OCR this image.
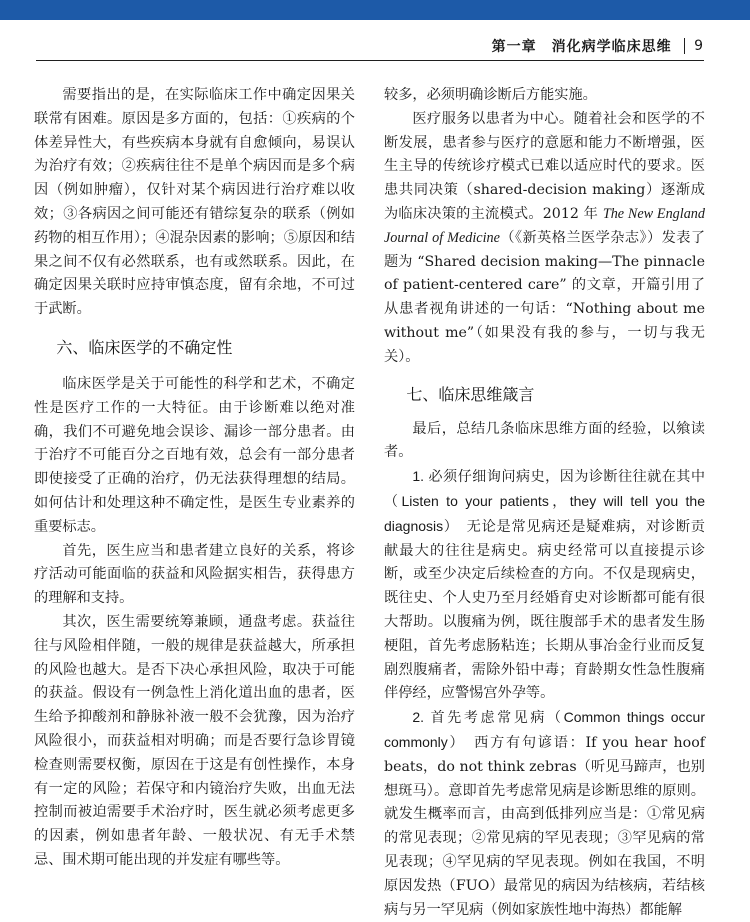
第一章　消化病学临床思维 9

需要指出的是，在实际临床工作中确定因果关联常有困难。原因是多方面的，包括：①疾病的个体差异性大，有些疾病本身就有自愈倾向，易误认为治疗有效；②疾病往往不是单个病因而是多个病因（例如肿瘤），仅针对某个病因进行治疗难以收效；③各病因之间可能还有错综复杂的联系（例如药物的相互作用）；④混杂因素的影响；⑤原因和结果之间不仅有必然联系，也有或然联系。因此，在确定因果关联时应持审慎态度，留有余地，不可过于武断。

六、临床医学的不确定性

临床医学是关于可能性的科学和艺术，不确定性是医疗工作的一大特征。由于诊断难以绝对准确，我们不可避免地会误诊、漏诊一部分患者。由于治疗不可能百分之百地有效，总会有一部分患者即使接受了正确的治疗，仍无法获得理想的结局。如何估计和处理这种不确定性，是医生专业素养的重要标志。

首先，医生应当和患者建立良好的关系，将诊疗活动可能面临的获益和风险据实相告，获得患方的理解和支持。

其次，医生需要统筹兼顾，通盘考虑。获益往往与风险相伴随，一般的规律是获益越大，所承担的风险也越大。是否下决心承担风险，取决于可能的获益。假设有一例急性上消化道出血的患者，医生给予抑酸剂和静脉补液一般不会犹豫，因为治疗风险很小，而获益相对明确；而是否要行急诊胃镜检查则需要权衡，原因在于这是有创性操作，本身有一定的风险；若保守和内镜治疗失败，出血无法控制而被迫需要手术治疗时，医生就必须考虑更多的因素，例如患者年龄、一般状况、有无手术禁忌、围术期可能出现的并发症有哪些等。

较多，必须明确诊断后方能实施。

医疗服务以患者为中心。随着社会和医学的不断发展，患者参与医疗的意愿和能力不断增强，医生主导的传统诊疗模式已难以适应时代的要求。医患共同决策（shared-decision making）逐渐成为临床决策的主流模式。2012 年 The New England Journal of Medicine（《新英格兰医学杂志》）发表了题为 “Shared decision making—The pinnacle of patient-centered care” 的文章，开篇引用了从患者视角讲述的一句话：“Nothing about me without me”（如果没有我的参与，一切与我无关）。

七、临床思维箴言

最后，总结几条临床思维方面的经验，以飨读者。

1. 必须仔细询问病史，因为诊断往往就在其中（Listen to your patients，they will tell you the diagnosis）　 无论是常见病还是疑难病，对诊断贡献最大的往往是病史。病史经常可以直接提示诊断，或至少决定后续检查的方向。不仅是现病史，既往史、个人史乃至月经婚育史对诊断都可能有很大帮助。以腹痛为例，既往腹部手术的患者发生肠梗阻，首先考虑肠粘连；长期从事冶金行业而反复剧烈腹痛者，需除外铅中毒；育龄期女性急性腹痛伴停经，应警惕宫外孕等。

2. 首先考虑常见病（Common things occur commonly）　 西方有句谚语：If you hear hoof beats，do not think zebras（听见马蹄声，也别想斑马）。意即首先考虑常见病是诊断思维的原则。就发生概率而言，由高到低排列应当是：①常见病的常见表现；②常见病的罕见表现；③罕见病的常见表现；④罕见病的罕见表现。例如在我国，不明原因发热（FUO）最常见的病因为结核病，若结核病与另一罕见病（例如家族性地中海热）都能解
